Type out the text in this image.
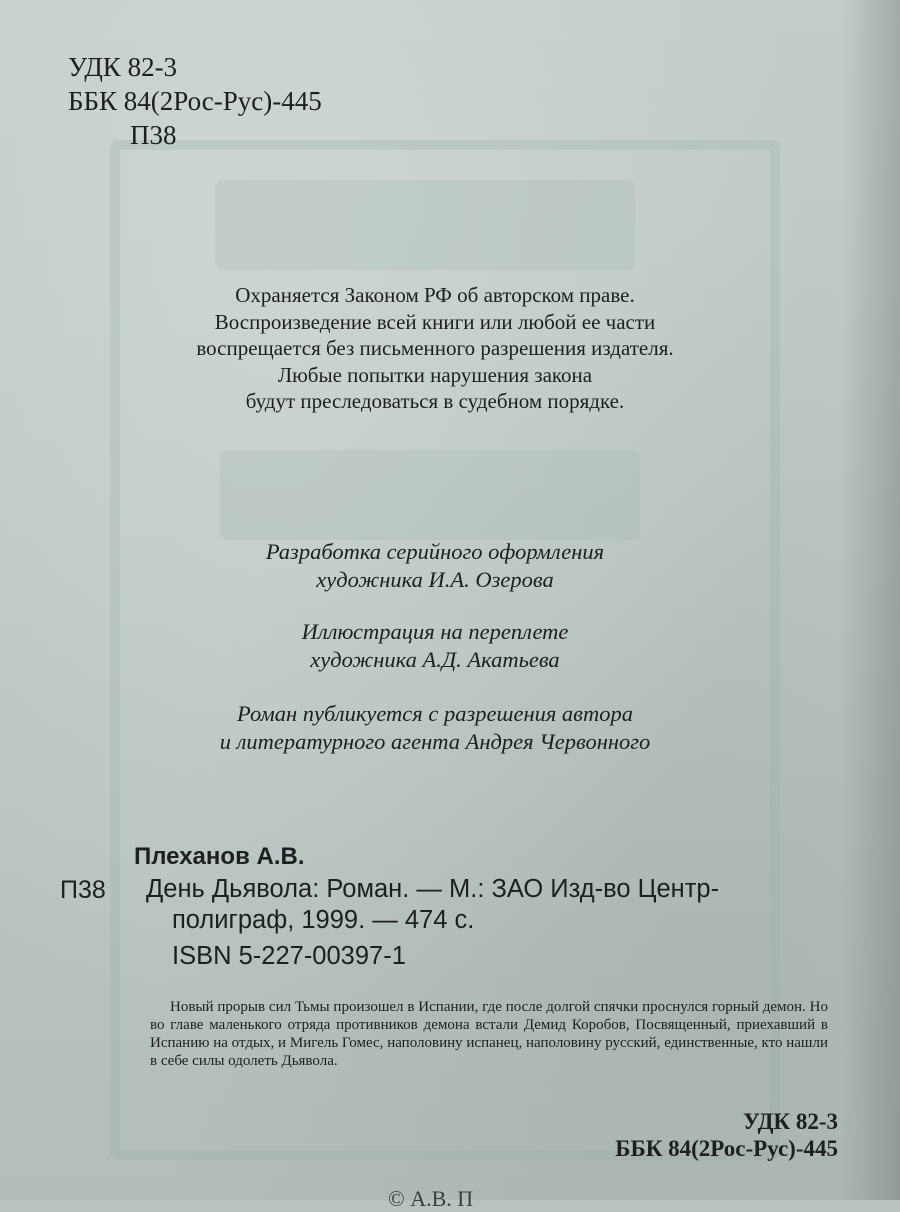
УДК 82-3
ББК 84(2Рос-Рус)-445
П38
Охраняется Законом РФ об авторском праве.
Воспроизведение всей книги или любой ее части
воспрещается без письменного разрешения издателя.
Любые попытки нарушения закона
будут преследоваться в судебном порядке.
Разработка серийного оформления
художника И.А. Озерова
Иллюстрация на переплете
художника А.Д. Акатьева
Роман публикуется с разрешения автора
и литературного агента Андрея Червонного
Плеханов А.В.
П38 День Дьявола: Роман. — М.: ЗАО Изд-во Центр-
полиграф, 1999. — 474 с.
ISBN 5-227-00397-1

Новый прорыв сил Тьмы произошел в Испании, где после долгой спячки проснулся горный демон. Но во главе маленького отряда противников демона встали Демид Коробов, Посвященный, приехавший в Испанию на отдых, и Мигель Гомес, наполовину испанец, наполовину русский, единственные, кто нашли в себе силы одолеть Дьявола.

УДК 82-3
ББК 84(2Рос-Рус)-445
© А.В. П
